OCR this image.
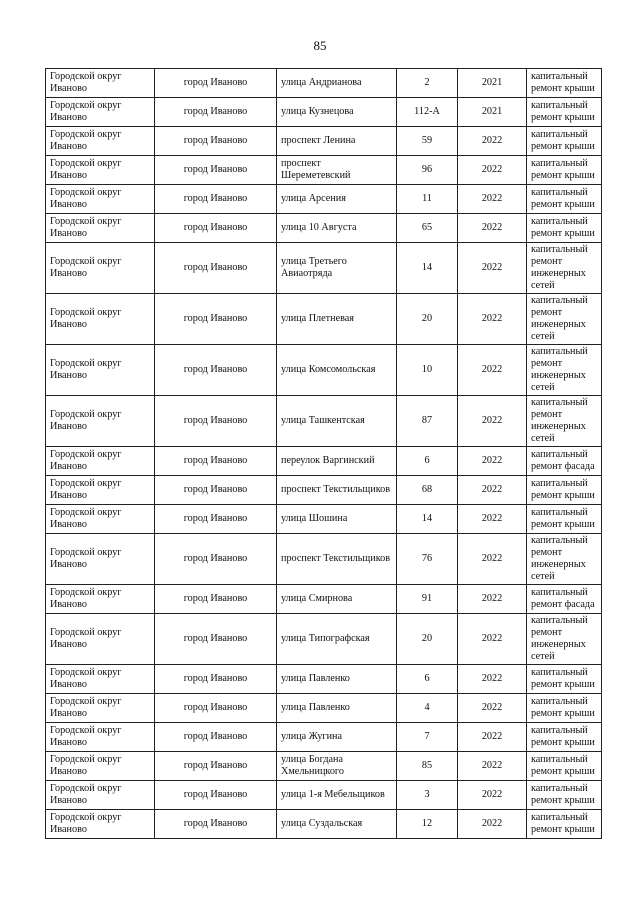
85
Городской округ Иваново	город Иваново	улица Андрианова	2	2021	капитальный ремонт крыши
Городской округ Иваново	город Иваново	улица Кузнецова	112-А	2021	капитальный ремонт крыши
Городской округ Иваново	город Иваново	проспект Ленина	59	2022	капитальный ремонт крыши
Городской округ Иваново	город Иваново	проспект Шереметевский	96	2022	капитальный ремонт крыши
Городской округ Иваново	город Иваново	улица Арсения	11	2022	капитальный ремонт крыши
Городской округ Иваново	город Иваново	улица 10 Августа	65	2022	капитальный ремонт крыши
Городской округ Иваново	город Иваново	улица Третьего Авиаотряда	14	2022	капитальный ремонт инженерных сетей
Городской округ Иваново	город Иваново	улица Плетневая	20	2022	капитальный ремонт инженерных сетей
Городской округ Иваново	город Иваново	улица Комсомольская	10	2022	капитальный ремонт инженерных сетей
Городской округ Иваново	город Иваново	улица Ташкентская	87	2022	капитальный ремонт инженерных сетей
Городской округ Иваново	город Иваново	переулок Варгинский	6	2022	капитальный ремонт фасада
Городской округ Иваново	город Иваново	проспект Текстильщиков	68	2022	капитальный ремонт крыши
Городской округ Иваново	город Иваново	улица Шошина	14	2022	капитальный ремонт крыши
Городской округ Иваново	город Иваново	проспект Текстильщиков	76	2022	капитальный ремонт инженерных сетей
Городской округ Иваново	город Иваново	улица Смирнова	91	2022	капитальный ремонт фасада
Городской округ Иваново	город Иваново	улица Типографская	20	2022	капитальный ремонт инженерных сетей
Городской округ Иваново	город Иваново	улица Павленко	6	2022	капитальный ремонт крыши
Городской округ Иваново	город Иваново	улица Павленко	4	2022	капитальный ремонт крыши
Городской округ Иваново	город Иваново	улица Жугина	7	2022	капитальный ремонт крыши
Городской округ Иваново	город Иваново	улица Богдана Хмельницкого	85	2022	капитальный ремонт крыши
Городской округ Иваново	город Иваново	улица 1-я Мебельщиков	3	2022	капитальный ремонт крыши
Городской округ Иваново	город Иваново	улица Суздальская	12	2022	капитальный ремонт крыши
